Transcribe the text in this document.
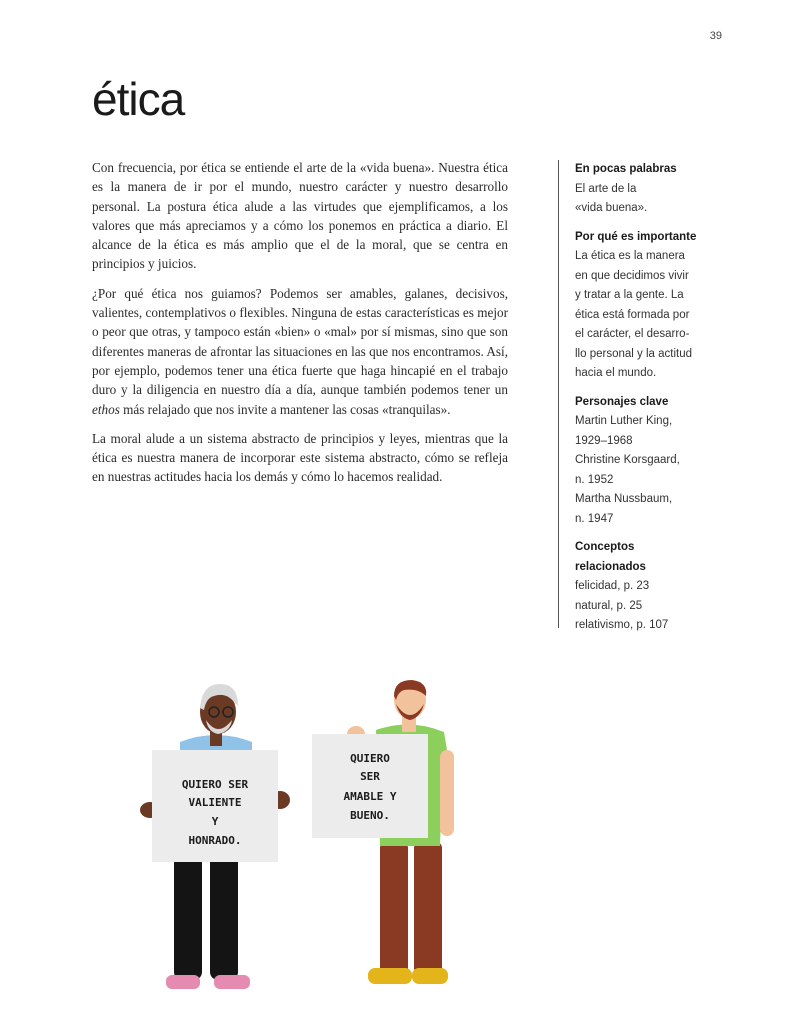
39
ética

Con frecuencia, por ética se entiende el arte de la «vida buena». Nuestra ética es la manera de ir por el mundo, nuestro carácter y nuestro desarrollo personal. La postura ética alude a las virtudes que ejemplificamos, a los valores que más apreciamos y a cómo los ponemos en práctica a diario. El alcance de la ética es más amplio que el de la moral, que se centra en principios y juicios.

¿Por qué ética nos guiamos? Podemos ser amables, galanes, decisivos, valientes, contemplativos o flexibles. Ninguna de estas características es mejor o peor que otras, y tampoco están «bien» o «mal» por sí mismas, sino que son diferentes maneras de afrontar las situaciones en las que nos encontramos. Así, por ejemplo, podemos tener una ética fuerte que haga hincapié en el trabajo duro y la diligencia en nuestro día a día, aunque también podemos tener un ethos más relajado que nos invite a mantener las cosas «tranquilas».

La moral alude a un sistema abstracto de principios y leyes, mientras que la ética es nuestra manera de incorporar este sistema abstracto, cómo se refleja en nuestras actitudes hacia los demás y cómo lo hacemos realidad.

En pocas palabras
El arte de la
«vida buena».
Por qué es importante
La ética es la manera
en que decidimos vivir
y tratar a la gente. La
ética está formada por
el carácter, el desarro-
llo personal y la actitud
hacia el mundo.
Personajes clave
Martin Luther King,
1929–1968
Christine Korsgaard,
n. 1952
Martha Nussbaum,
n. 1947
Conceptos
relacionados
felicidad, p. 23
natural, p. 25
relativismo, p. 107
QUIERO SER
VALIENTE
Y
HONRADO.
QUIERO
SER
AMABLE Y
BUENO.
